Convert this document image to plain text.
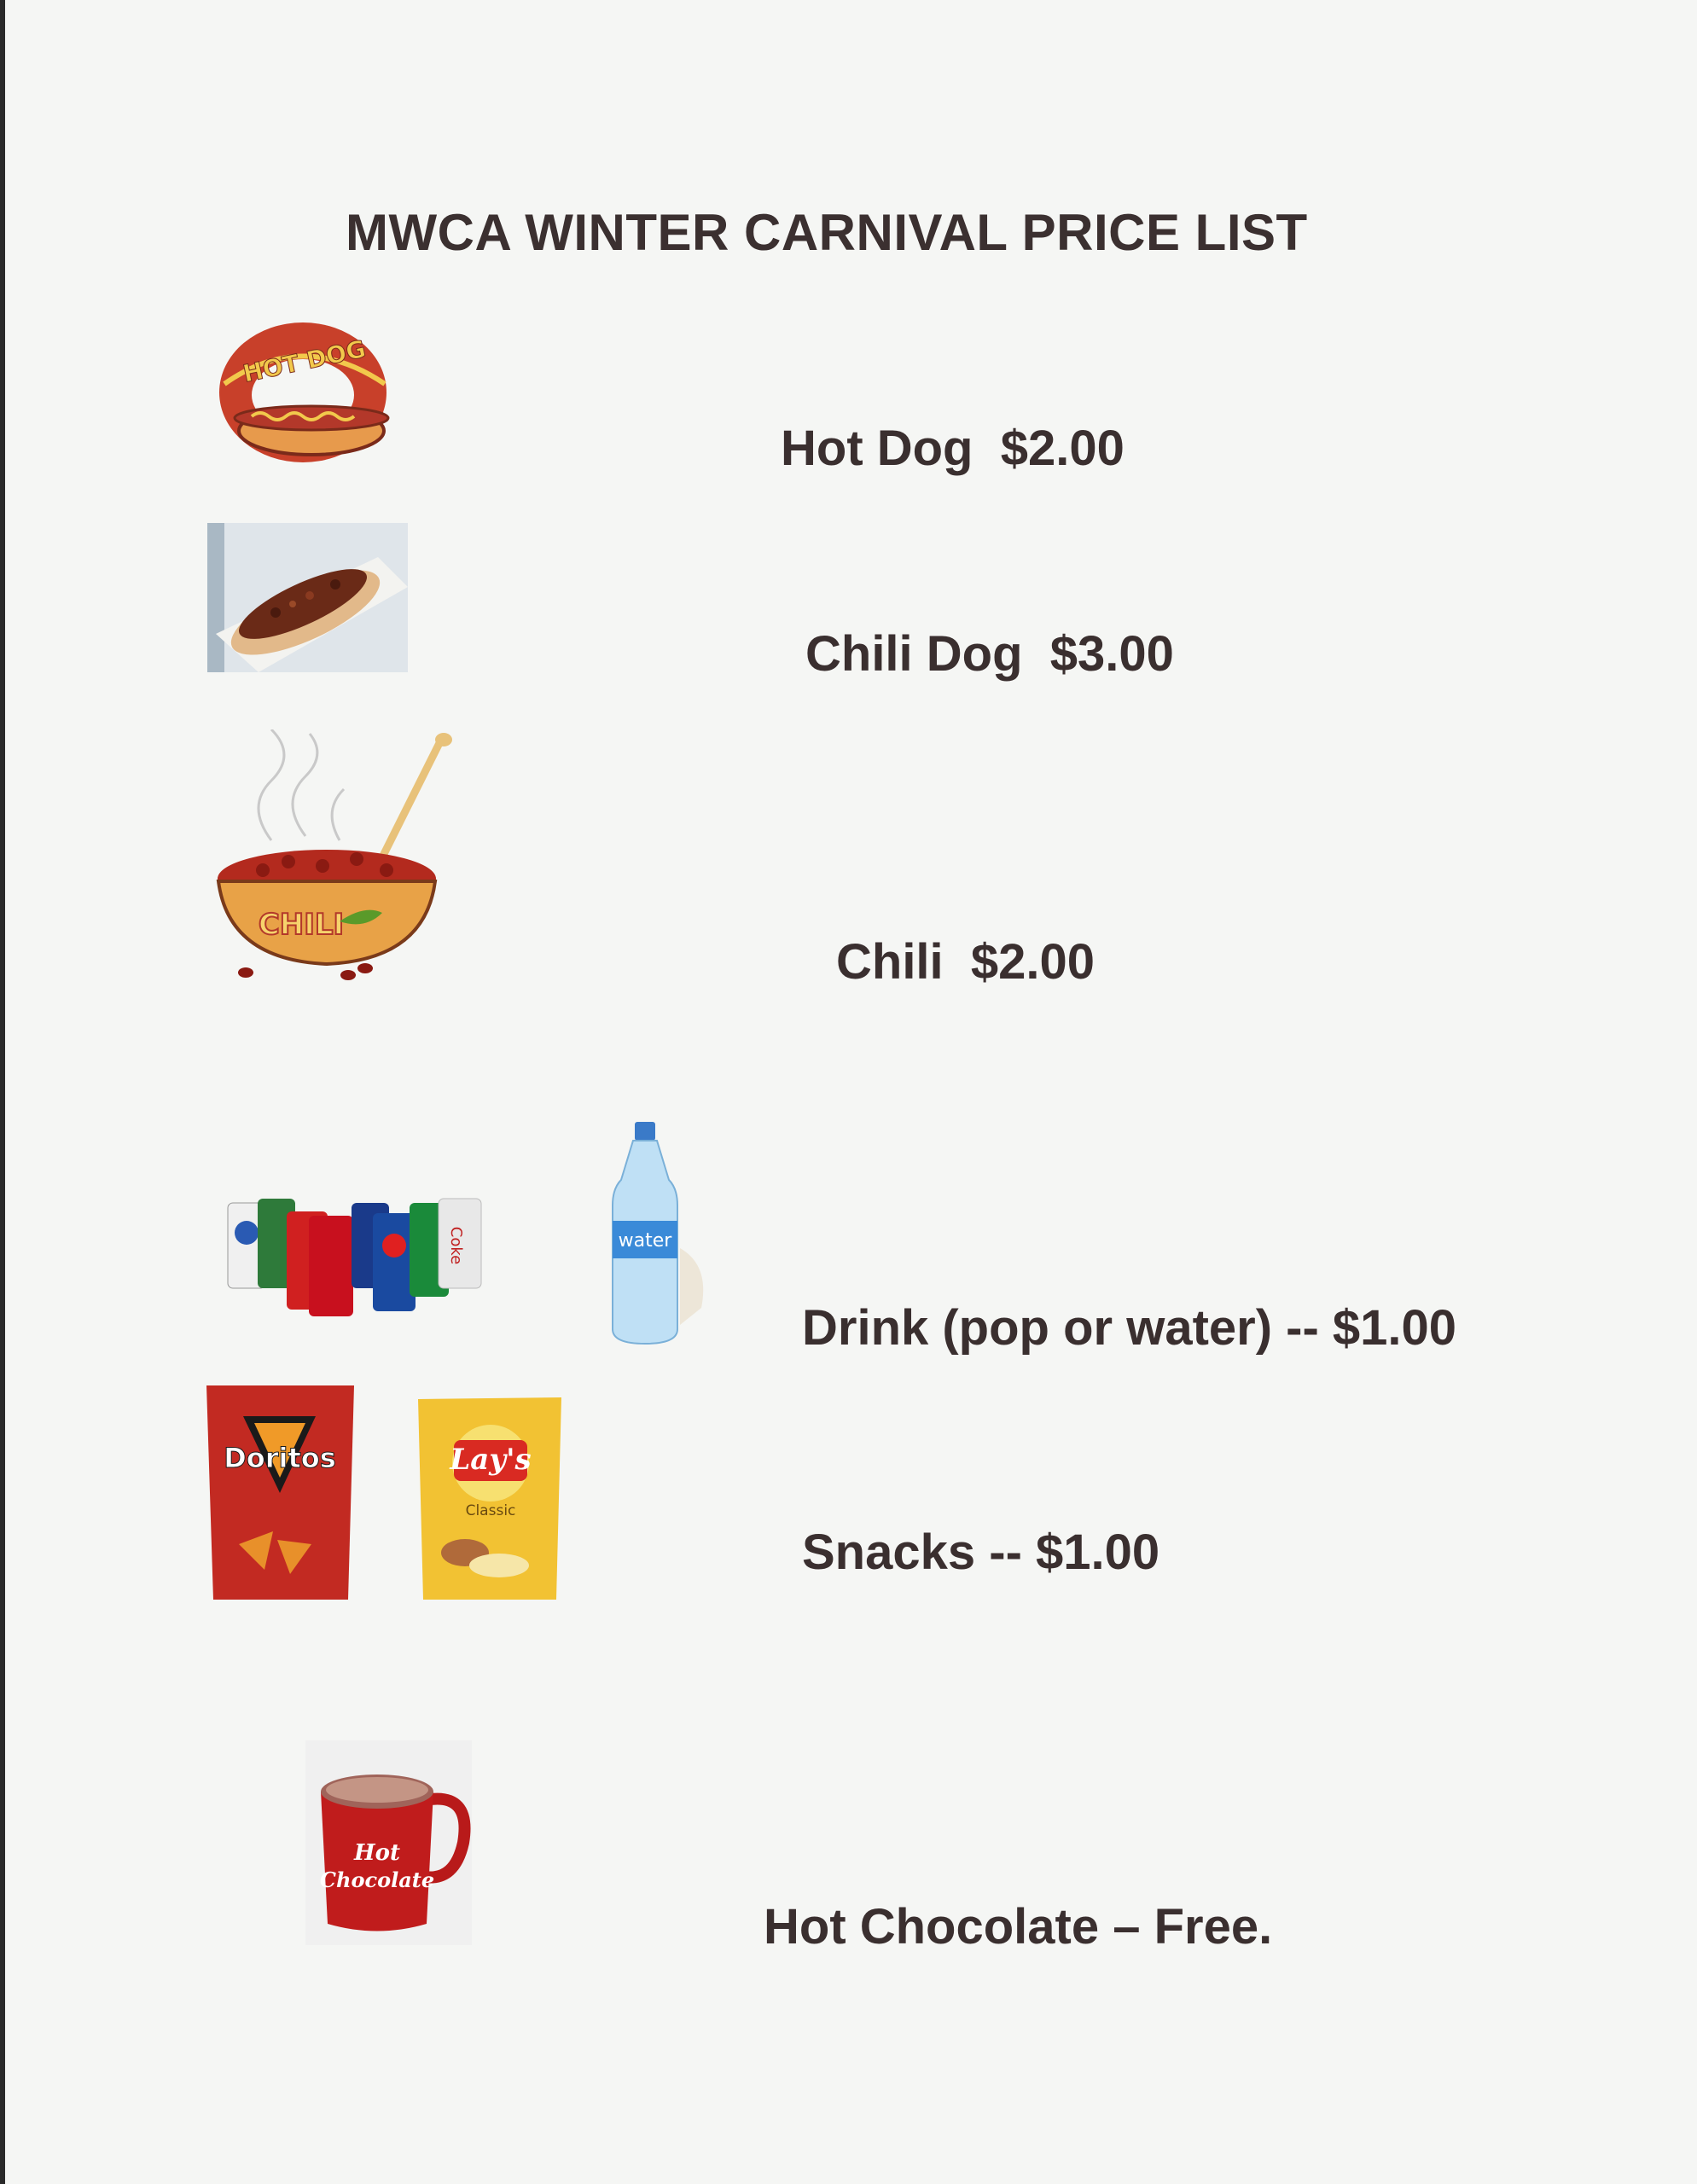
MWCA WINTER CARNIVAL PRICE LIST
HOT DOG

Hot Dog  $2.00

Chili Dog  $3.00

CHILI

Chili  $2.00

Coke	water

Drink (pop or water) -- $1.00

Doritos	Lay's
Classic

Snacks -- $1.00

Hot
Chocolate

Hot Chocolate – Free.
